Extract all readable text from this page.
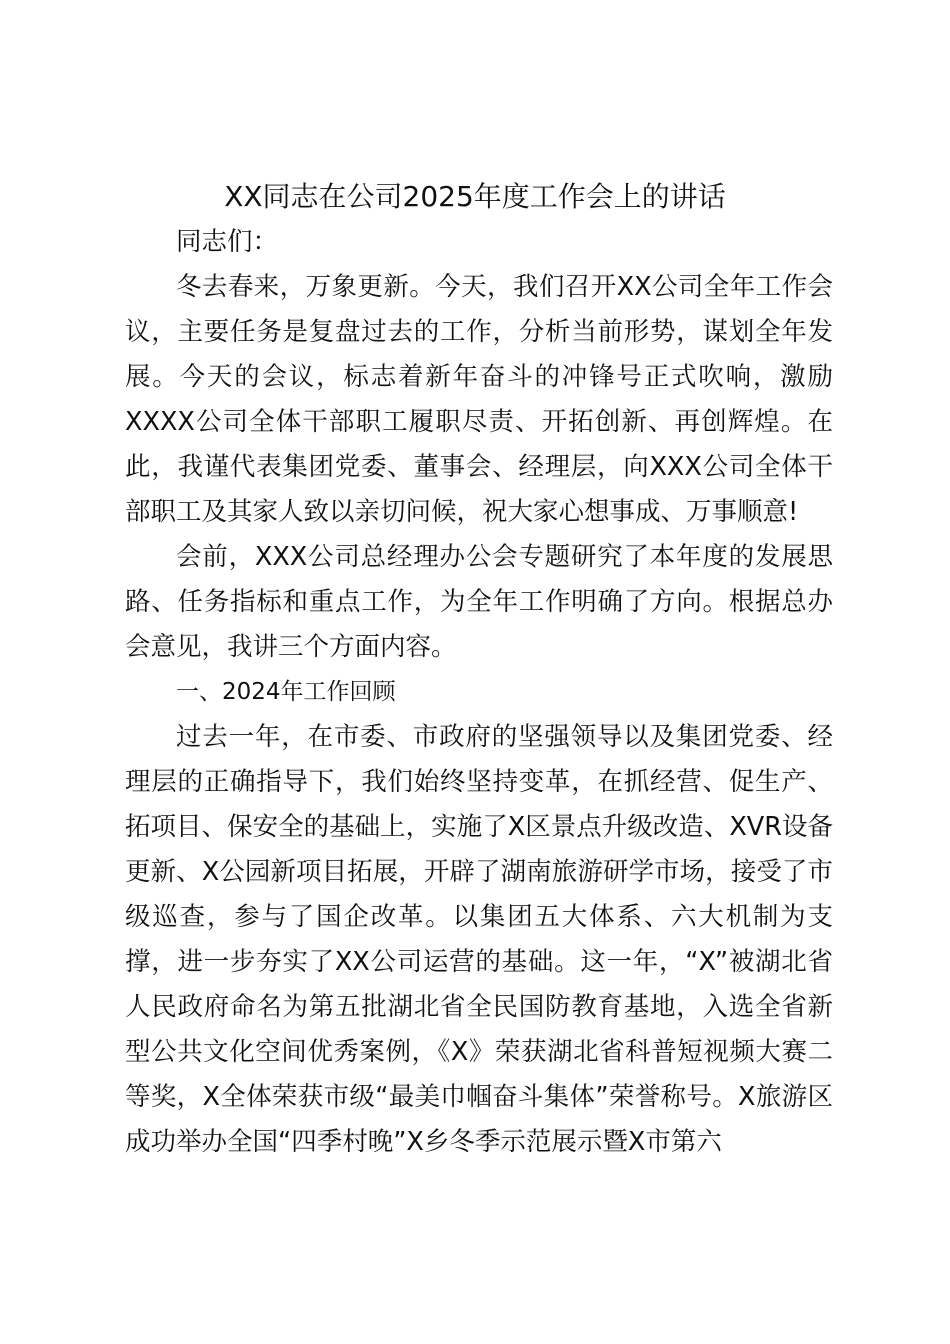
XX同志在公司2025年度工作会上的讲话

同志们：

冬去春来，万象更新。今天，我们召开XX公司全年工作会议，主要任务是复盘过去的工作，分析当前形势，谋划全年发展。今天的会议，标志着新年奋斗的冲锋号正式吹响，激励XXXX公司全体干部职工履职尽责、开拓创新、再创辉煌。在此，我谨代表集团党委、董事会、经理层，向XXX公司全体干部职工及其家人致以亲切问候，祝大家心想事成、万事顺意!

会前，XXX公司总经理办公会专题研究了本年度的发展思路、任务指标和重点工作，为全年工作明确了方向。根据总办会意见，我讲三个方面内容。

一、2024年工作回顾

过去一年，在市委、市政府的坚强领导以及集团党委、经理层的正确指导下，我们始终坚持变革，在抓经营、促生产、拓项目、保安全的基础上，实施了X区景点升级改造、XVR设备更新、X公园新项目拓展，开辟了湖南旅游研学市场，接受了市级巡查，参与了国企改革。以集团五大体系、六大机制为支撑，进一步夯实了XX公司运营的基础。这一年，“X”被湖北省人民政府命名为第五批湖北省全民国防教育基地，入选全省新型公共文化空间优秀案例，《X》荣获湖北省科普短视频大赛二等奖，X全体荣获市级“最美巾帼奋斗集体”荣誉称号。X旅游区成功举办全国“四季村晚”X乡冬季示范展示暨X市第六
